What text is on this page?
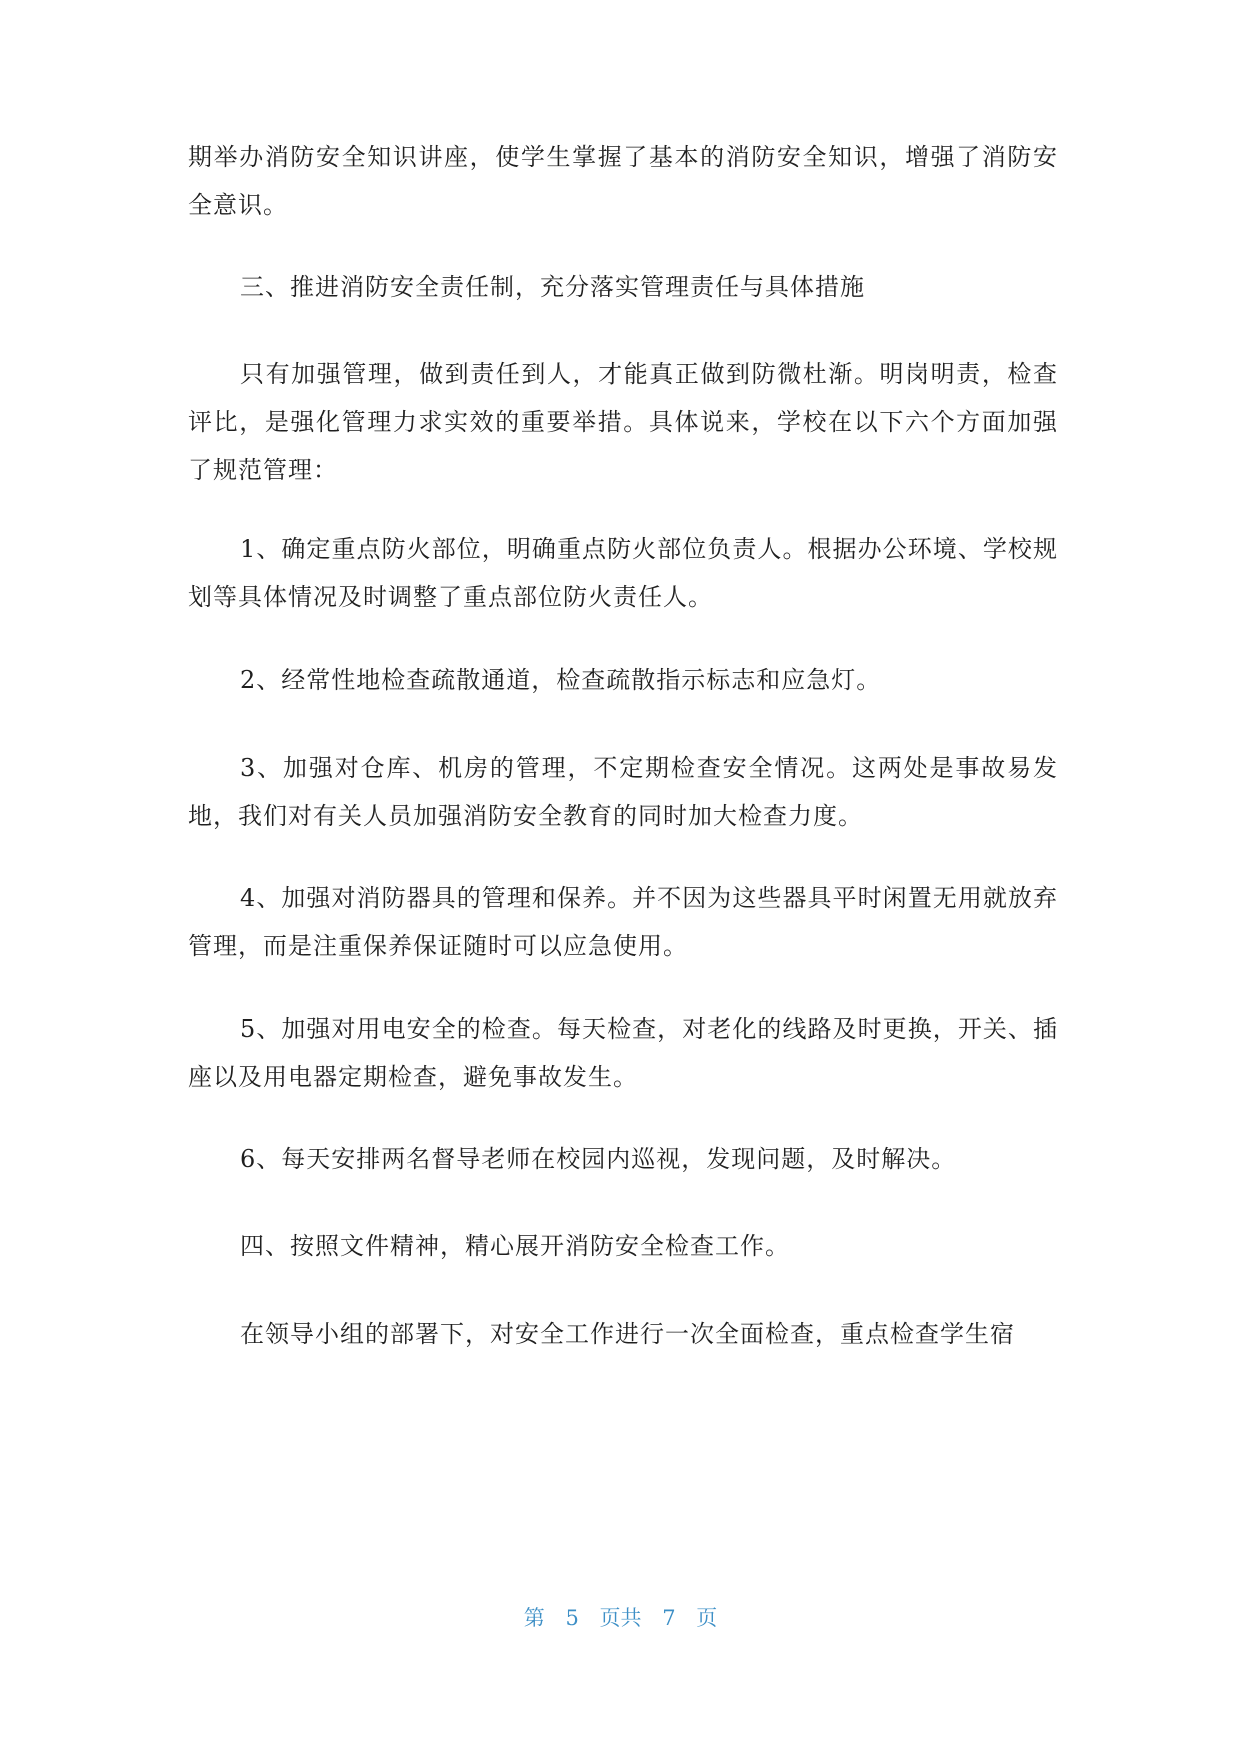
期举办消防安全知识讲座，使学生掌握了基本的消防安全知识，增强了消防安全意识。

三、推进消防安全责任制，充分落实管理责任与具体措施

只有加强管理，做到责任到人，才能真正做到防微杜渐。明岗明责，检查评比，是强化管理力求实效的重要举措。具体说来，学校在以下六个方面加强了规范管理：

1、确定重点防火部位，明确重点防火部位负责人。根据办公环境、学校规划等具体情况及时调整了重点部位防火责任人。

2、经常性地检查疏散通道，检查疏散指示标志和应急灯。

3、加强对仓库、机房的管理，不定期检查安全情况。这两处是事故易发地，我们对有关人员加强消防安全教育的同时加大检查力度。

4、加强对消防器具的管理和保养。并不因为这些器具平时闲置无用就放弃管理，而是注重保养保证随时可以应急使用。

5、加强对用电安全的检查。每天检查，对老化的线路及时更换，开关、插座以及用电器定期检查，避免事故发生。

6、每天安排两名督导老师在校园内巡视，发现问题，及时解决。

四、按照文件精神，精心展开消防安全检查工作。

在领导小组的部署下，对安全工作进行一次全面检查，重点检查学生宿

第 5 页共 7 页
